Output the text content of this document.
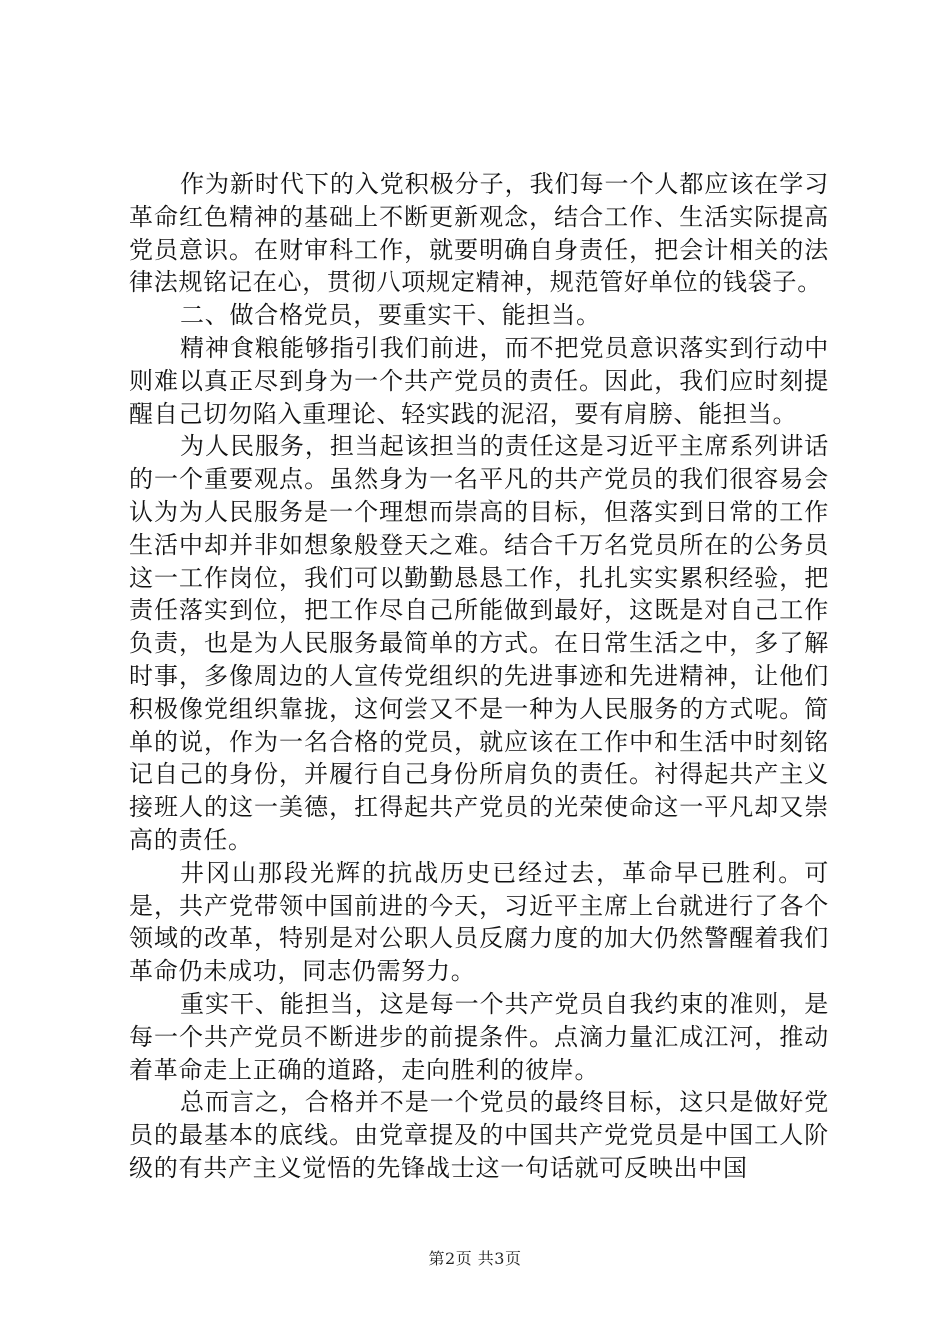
作为新时代下的入党积极分子，我们每一个人都应该在学习革命红色精神的基础上不断更新观念，结合工作、生活实际提高党员意识。在财审科工作，就要明确自身责任，把会计相关的法律法规铭记在心，贯彻八项规定精神，规范管好单位的钱袋子。

二、做合格党员，要重实干、能担当。

精神食粮能够指引我们前进，而不把党员意识落实到行动中则难以真正尽到身为一个共产党员的责任。因此，我们应时刻提醒自己切勿陷入重理论、轻实践的泥沼，要有肩膀、能担当。

为人民服务，担当起该担当的责任这是习近平主席系列讲话的一个重要观点。虽然身为一名平凡的共产党员的我们很容易会认为为人民服务是一个理想而崇高的目标，但落实到日常的工作生活中却并非如想象般登天之难。结合千万名党员所在的公务员这一工作岗位，我们可以勤勤恳恳工作，扎扎实实累积经验，把责任落实到位，把工作尽自己所能做到最好，这既是对自己工作负责，也是为人民服务最简单的方式。在日常生活之中，多了解时事，多像周边的人宣传党组织的先进事迹和先进精神，让他们积极像党组织靠拢，这何尝又不是一种为人民服务的方式呢。简单的说，作为一名合格的党员，就应该在工作中和生活中时刻铭记自己的身份，并履行自己身份所肩负的责任。衬得起共产主义接班人的这一美德，扛得起共产党员的光荣使命这一平凡却又崇高的责任。

井冈山那段光辉的抗战历史已经过去，革命早已胜利。可是，共产党带领中国前进的今天，习近平主席上台就进行了各个领域的改革，特别是对公职人员反腐力度的加大仍然警醒着我们革命仍未成功，同志仍需努力。

重实干、能担当，这是每一个共产党员自我约束的准则，是每一个共产党员不断进步的前提条件。点滴力量汇成江河，推动着革命走上正确的道路，走向胜利的彼岸。

总而言之，合格并不是一个党员的最终目标，这只是做好党员的最基本的底线。由党章提及的中国共产党党员是中国工人阶级的有共产主义觉悟的先锋战士这一句话就可反映出中国

第2页 共3页
